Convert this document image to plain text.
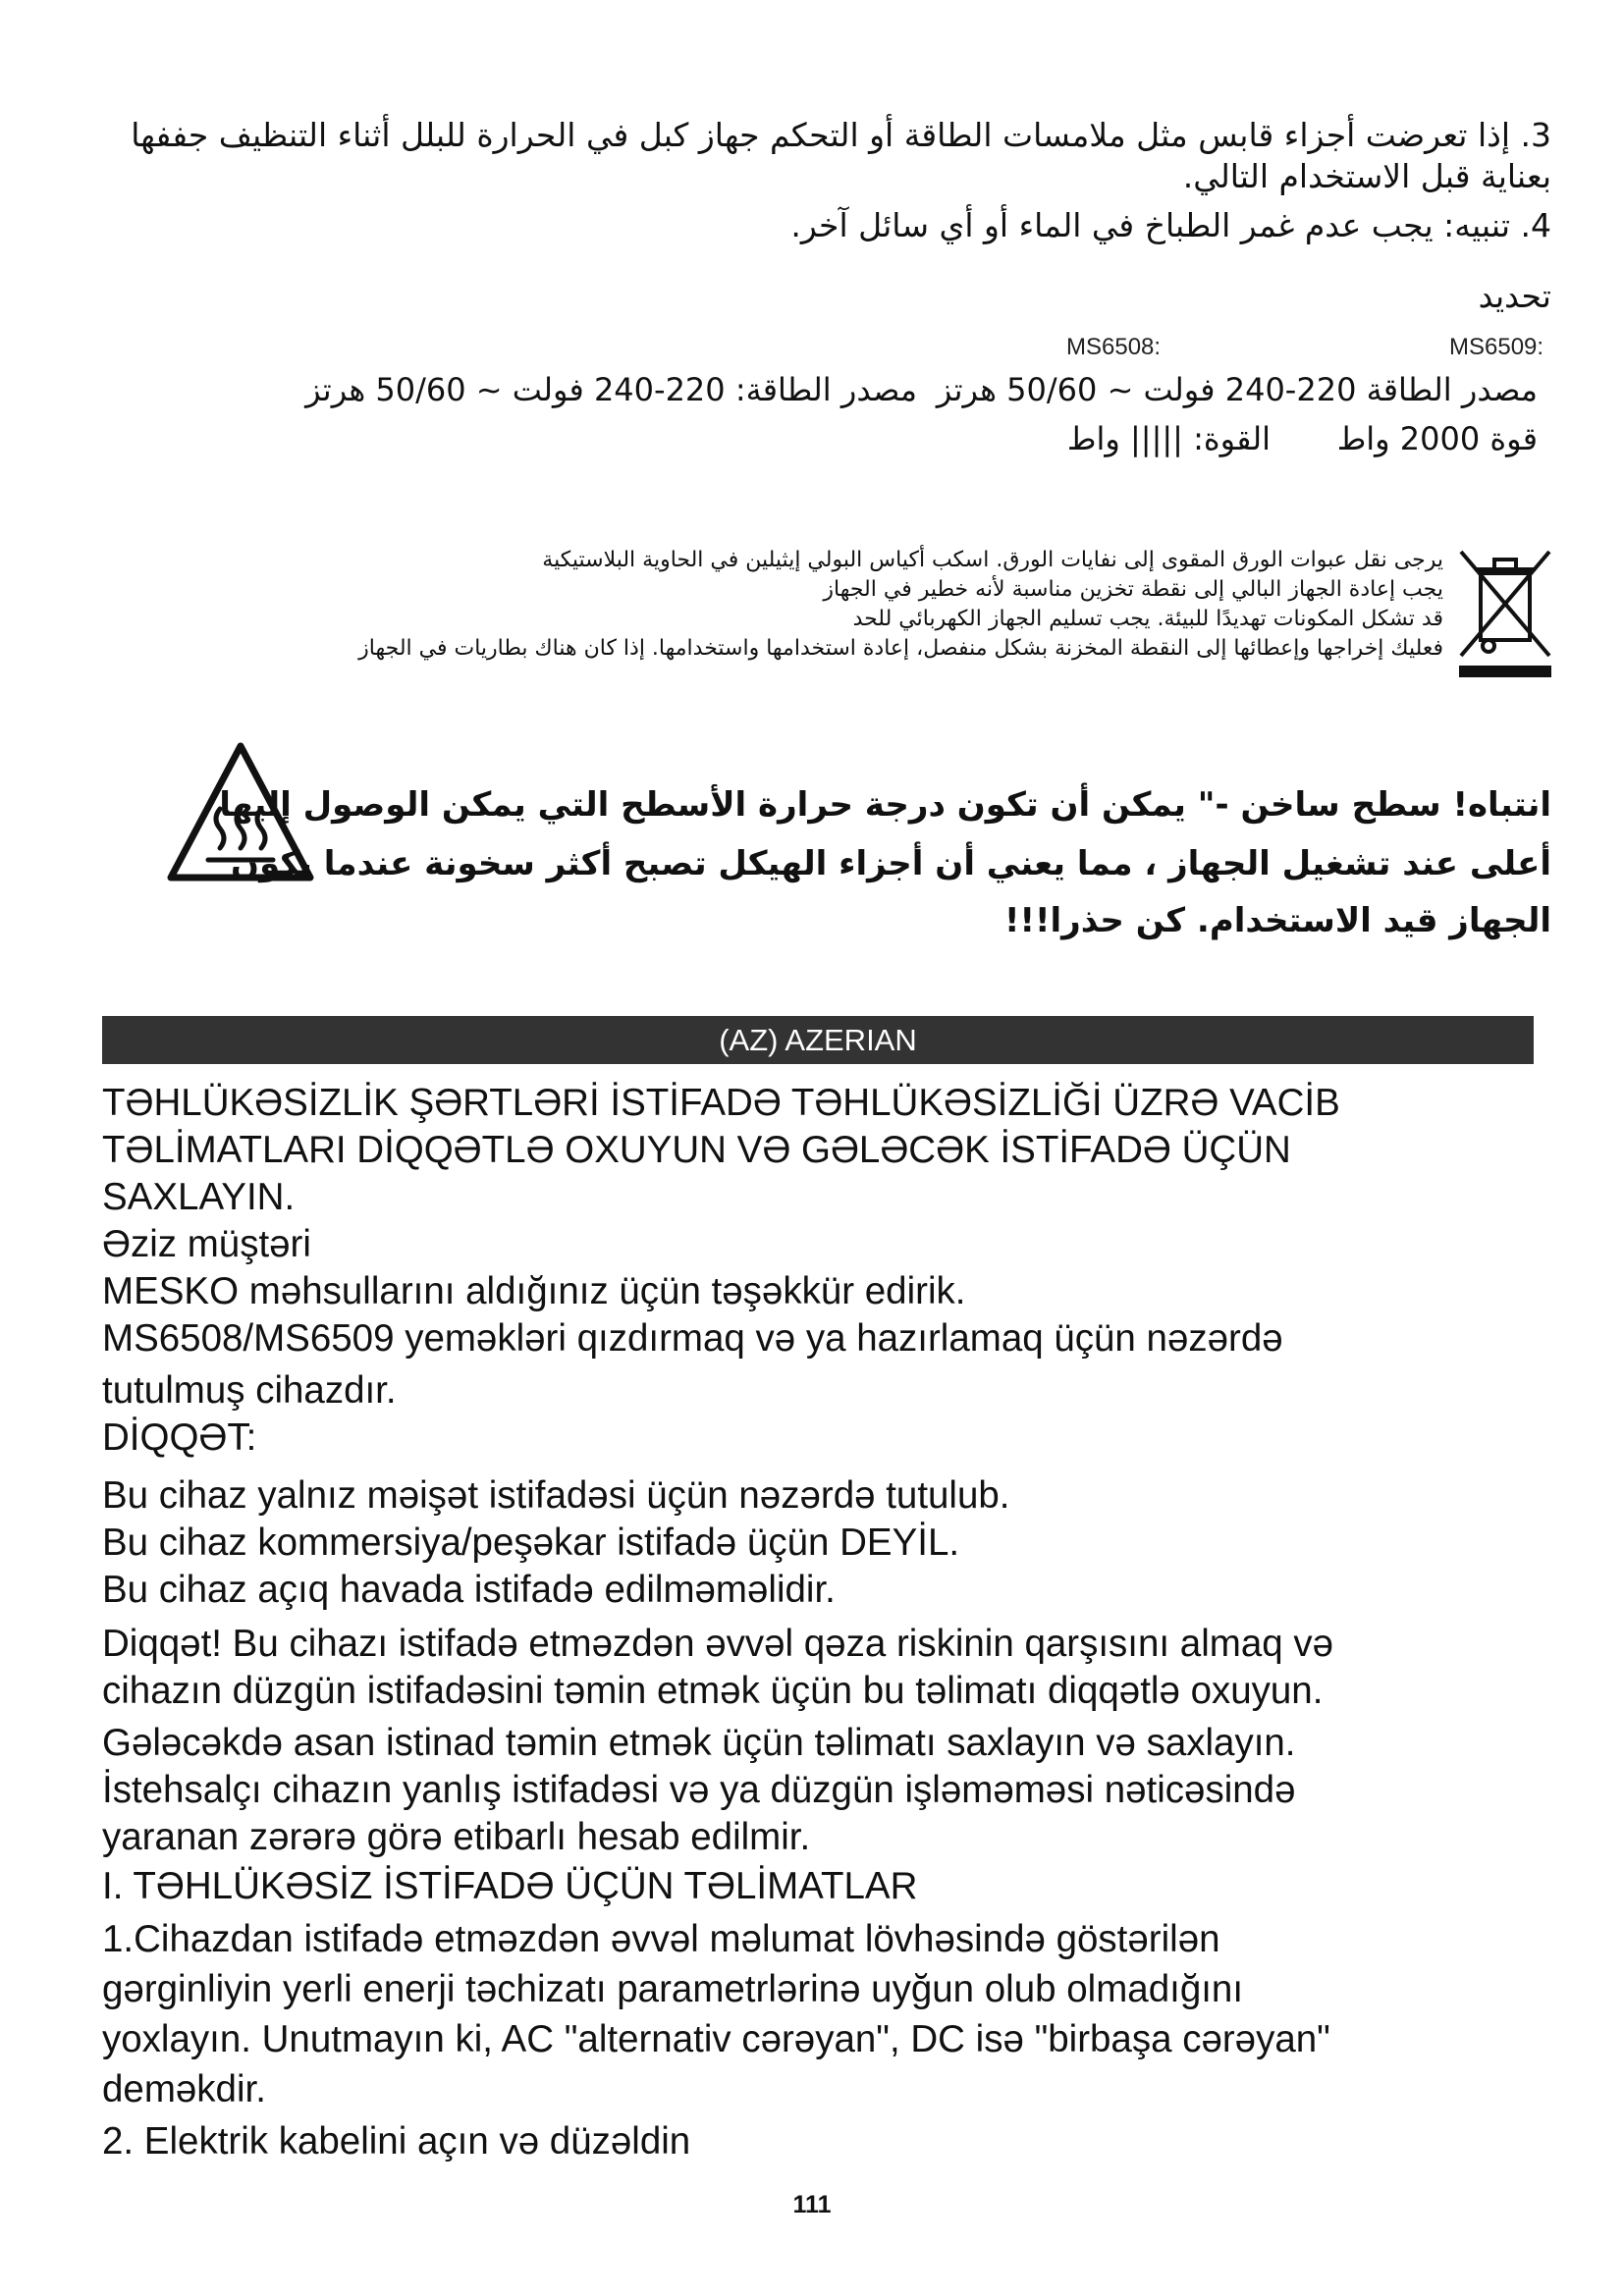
3. إذا تعرضت أجزاء قابس مثل ملامسات الطاقة أو التحكم جهاز كبل في الحرارة للبلل أثناء التنظيف جففها
بعناية قبل الاستخدام التالي.
4. تنبيه: يجب عدم غمر الطباخ في الماء أو أي سائل آخر.
تحديد
MS6508:	MS6509:
مصدر الطاقة: 220-240 فولت ~ 50/60 هرتز مصدر الطاقة 220-240 فولت ~ 50/60 هرتز
القوة: ||||| واط قوة 2000 واط
يرجى نقل عبوات الورق المقوى إلى نفايات الورق. اسكب أكياس البولي إيثيلين في الحاوية البلاستيكية
يجب إعادة الجهاز البالي إلى نقطة تخزين مناسبة لأنه خطير في الجهاز
قد تشكل المكونات تهديدًا للبيئة. يجب تسليم الجهاز الكهربائي للحد
فعليك إخراجها وإعطائها إلى النقطة المخزنة بشكل منفصل، إعادة استخدامها واستخدامها. إذا كان هناك بطاريات في الجهاز
انتباه! سطح ساخن -" يمكن أن تكون درجة حرارة الأسطح التي يمكن الوصول إليها
أعلى عند تشغيل الجهاز ، مما يعني أن أجزاء الهيكل تصبح أكثر سخونة عندما يكون
الجهاز قيد الاستخدام. كن حذرا!!!
(AZ) AZERIAN
TƏHLÜKƏSİZLİK ŞƏRTLƏRİ İSTİFADƏ TƏHLÜKƏSİZLİĞİ ÜZRƏ VACİB
TƏLİMATLARI DİQQƏTLƏ OXUYUN VƏ GƏLƏCƏK İSTİFADƏ ÜÇÜN
SAXLAYIN.
Əziz müştəri
MESKO məhsullarını aldığınız üçün təşəkkür edirik.
MS6508/MS6509 yeməkləri qızdırmaq və ya hazırlamaq üçün nəzərdə
tutulmuş cihazdır.
DİQQƏT:
Bu cihaz yalnız məişət istifadəsi üçün nəzərdə tutulub.
Bu cihaz kommersiya/peşəkar istifadə üçün DEYİL.
Bu cihaz açıq havada istifadə edilməməlidir.
Diqqət! Bu cihazı istifadə etməzdən əvvəl qəza riskinin qarşısını almaq və
cihazın düzgün istifadəsini təmin etmək üçün bu təlimatı diqqətlə oxuyun.
Gələcəkdə asan istinad təmin etmək üçün təlimatı saxlayın və saxlayın.
İstehsalçı cihazın yanlış istifadəsi və ya düzgün işləməməsi nəticəsində
yaranan zərərə görə etibarlı hesab edilmir.
I. TƏHLÜKƏSİZ İSTİFADƏ ÜÇÜN TƏLİMATLAR
1.Cihazdan istifadə etməzdən əvvəl məlumat lövhəsində göstərilən
gərginliyin yerli enerji təchizatı parametrlərinə uyğun olub olmadığını
yoxlayın. Unutmayın ki, AC "alternativ cərəyan", DC isə "birbaşa cərəyan"
deməkdir.
2. Elektrik kabelini açın və düzəldin
111
